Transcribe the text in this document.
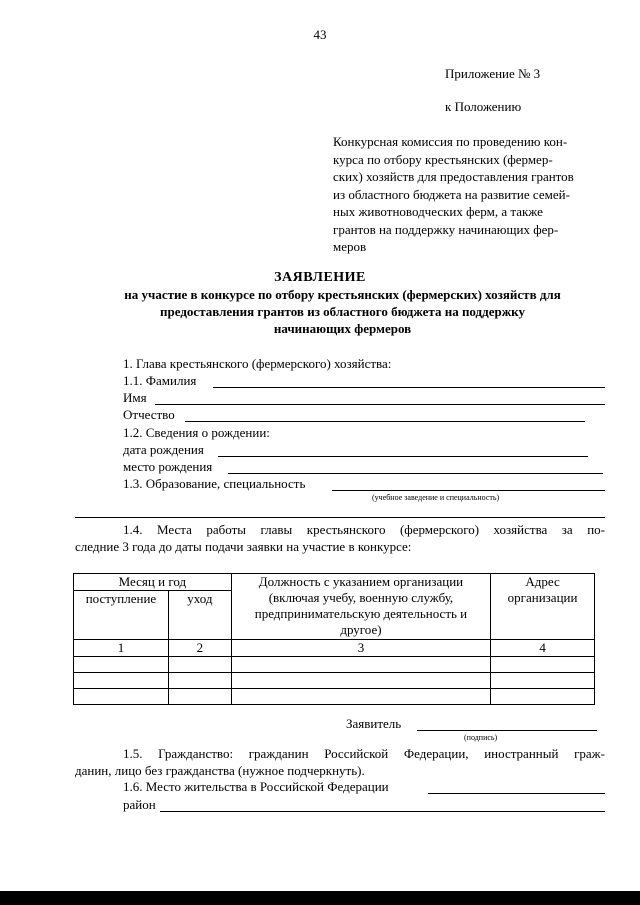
43
Приложение № 3
к Положению
Конкурсная комиссия по проведению кон-
курса по отбору крестьянских (фермер-
ских) хозяйств для предоставления грантов
из областного бюджета на развитие семей-
ных животноводческих ферм, а также
грантов на поддержку начинающих фер-
меров
ЗАЯВЛЕНИЕ
на участие в конкурсе по отбору крестьянских (фермерских) хозяйств для
предоставления грантов из областного бюджета на поддержку
начинающих фермеров
1. Глава крестьянского (фермерского) хозяйства:
1.1. Фамилия
Имя
Отчество
1.2. Сведения о рождении:
дата рождения
место рождения
1.3. Образование, специальность
(учебное заведение и специальность)
1.4. Места работы главы крестьянского (фермерского) хозяйства за по-
следние 3 года до даты подачи заявки на участие в конкурсе:
Месяц и год		Должность с указанием организации (включая учебу, военную службу, предпринимательскую деятельность и другое)	Адрес организации
поступление	уход		
1	2	3	4

Заявитель
(подпись)
1.5. Гражданство: гражданин Российской Федерации, иностранный граж-
данин, лицо без гражданства (нужное подчеркнуть).
1.6. Место жительства в Российской Федерации
район
